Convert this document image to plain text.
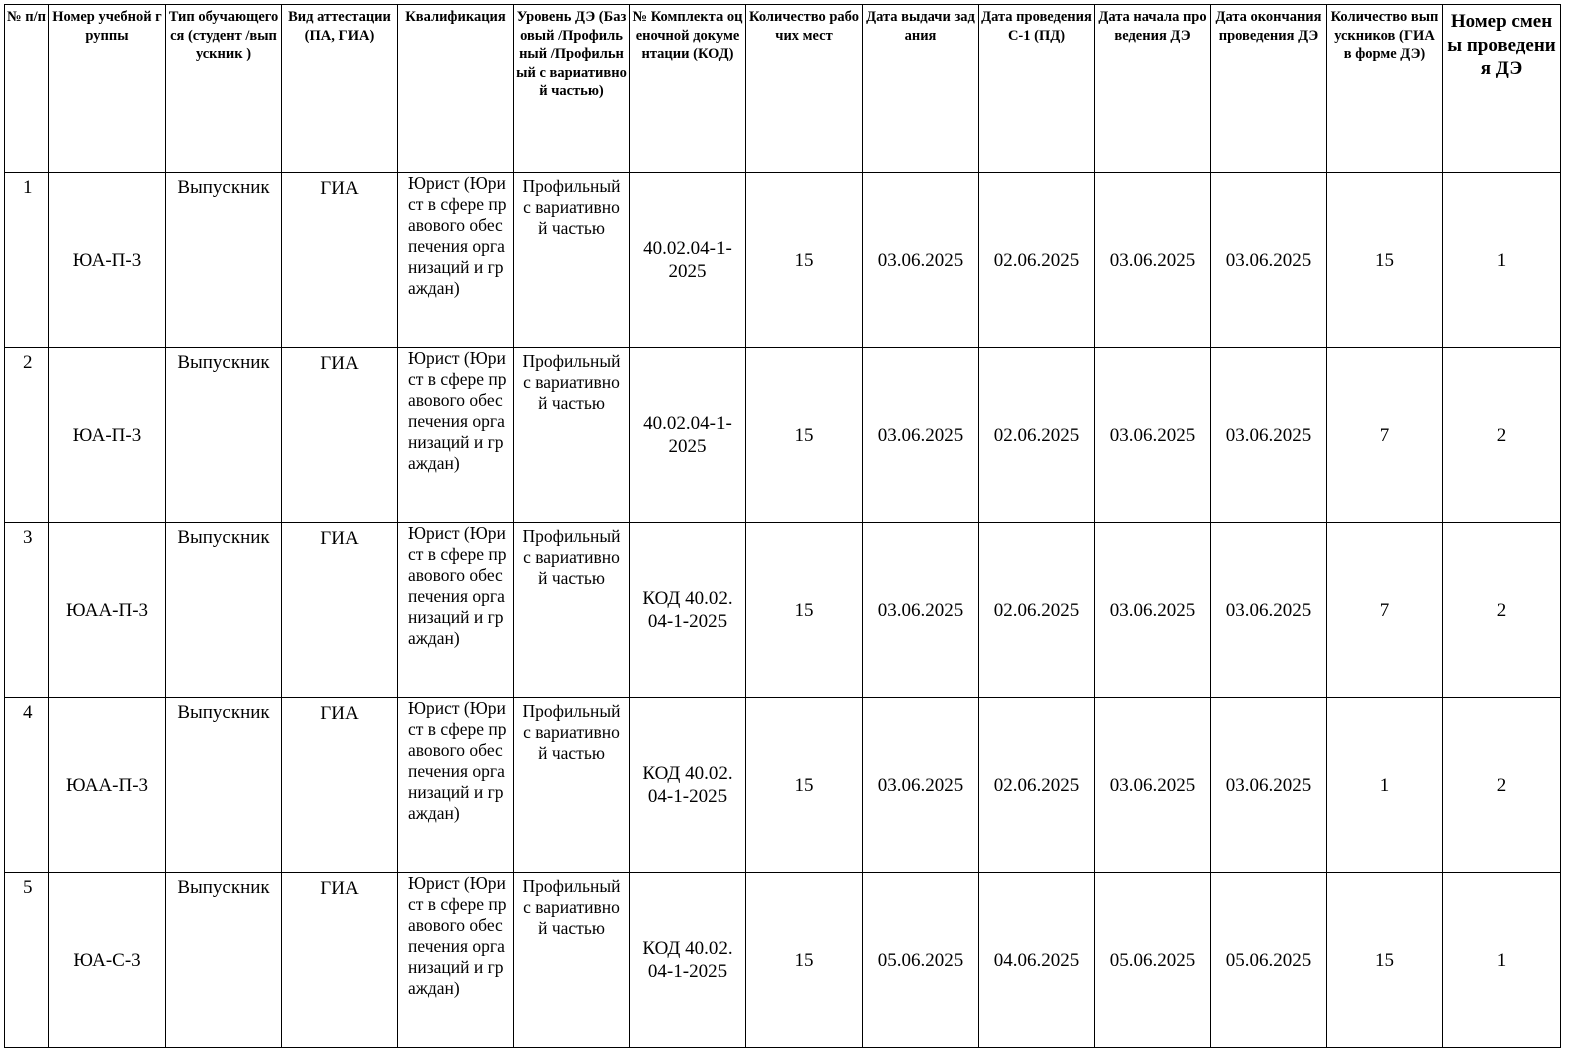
№ п/п	Номер учебной группы	Тип обучающегося (студент /выпускник )	Вид аттестации (ПА, ГИА)	Квалификация	Уровень ДЭ (Базовый /Профильный /Профильный с вариативной частью)	№ Комплекта оценочной документации (КОД)	Количество рабочих мест	Дата выдачи задания	Дата проведения С-1 (ПД)	Дата начала проведения ДЭ	Дата окончания проведения ДЭ	Количество выпускников (ГИА в форме ДЭ)	Номер смены проведения ДЭ
1	ЮА-П-3	Выпускник	ГИА	Юрист (Юрист в сфере правового обеспечения организаций и граждан)	Профильный с вариативной частью	40.02.04-1-2025	15	03.06.2025	02.06.2025	03.06.2025	03.06.2025	15	1
2	ЮА-П-3	Выпускник	ГИА	Юрист (Юрист в сфере правового обеспечения организаций и граждан)	Профильный с вариативной частью	40.02.04-1-2025	15	03.06.2025	02.06.2025	03.06.2025	03.06.2025	7	2
3	ЮАА-П-3	Выпускник	ГИА	Юрист (Юрист в сфере правового обеспечения организаций и граждан)	Профильный с вариативной частью	КОД 40.02.04-1-2025	15	03.06.2025	02.06.2025	03.06.2025	03.06.2025	7	2
4	ЮАА-П-3	Выпускник	ГИА	Юрист (Юрист в сфере правового обеспечения организаций и граждан)	Профильный с вариативной частью	КОД 40.02.04-1-2025	15	03.06.2025	02.06.2025	03.06.2025	03.06.2025	1	2
5	ЮА-С-3	Выпускник	ГИА	Юрист (Юрист в сфере правового обеспечения организаций и граждан)	Профильный с вариативной частью	КОД 40.02.04-1-2025	15	05.06.2025	04.06.2025	05.06.2025	05.06.2025	15	1
